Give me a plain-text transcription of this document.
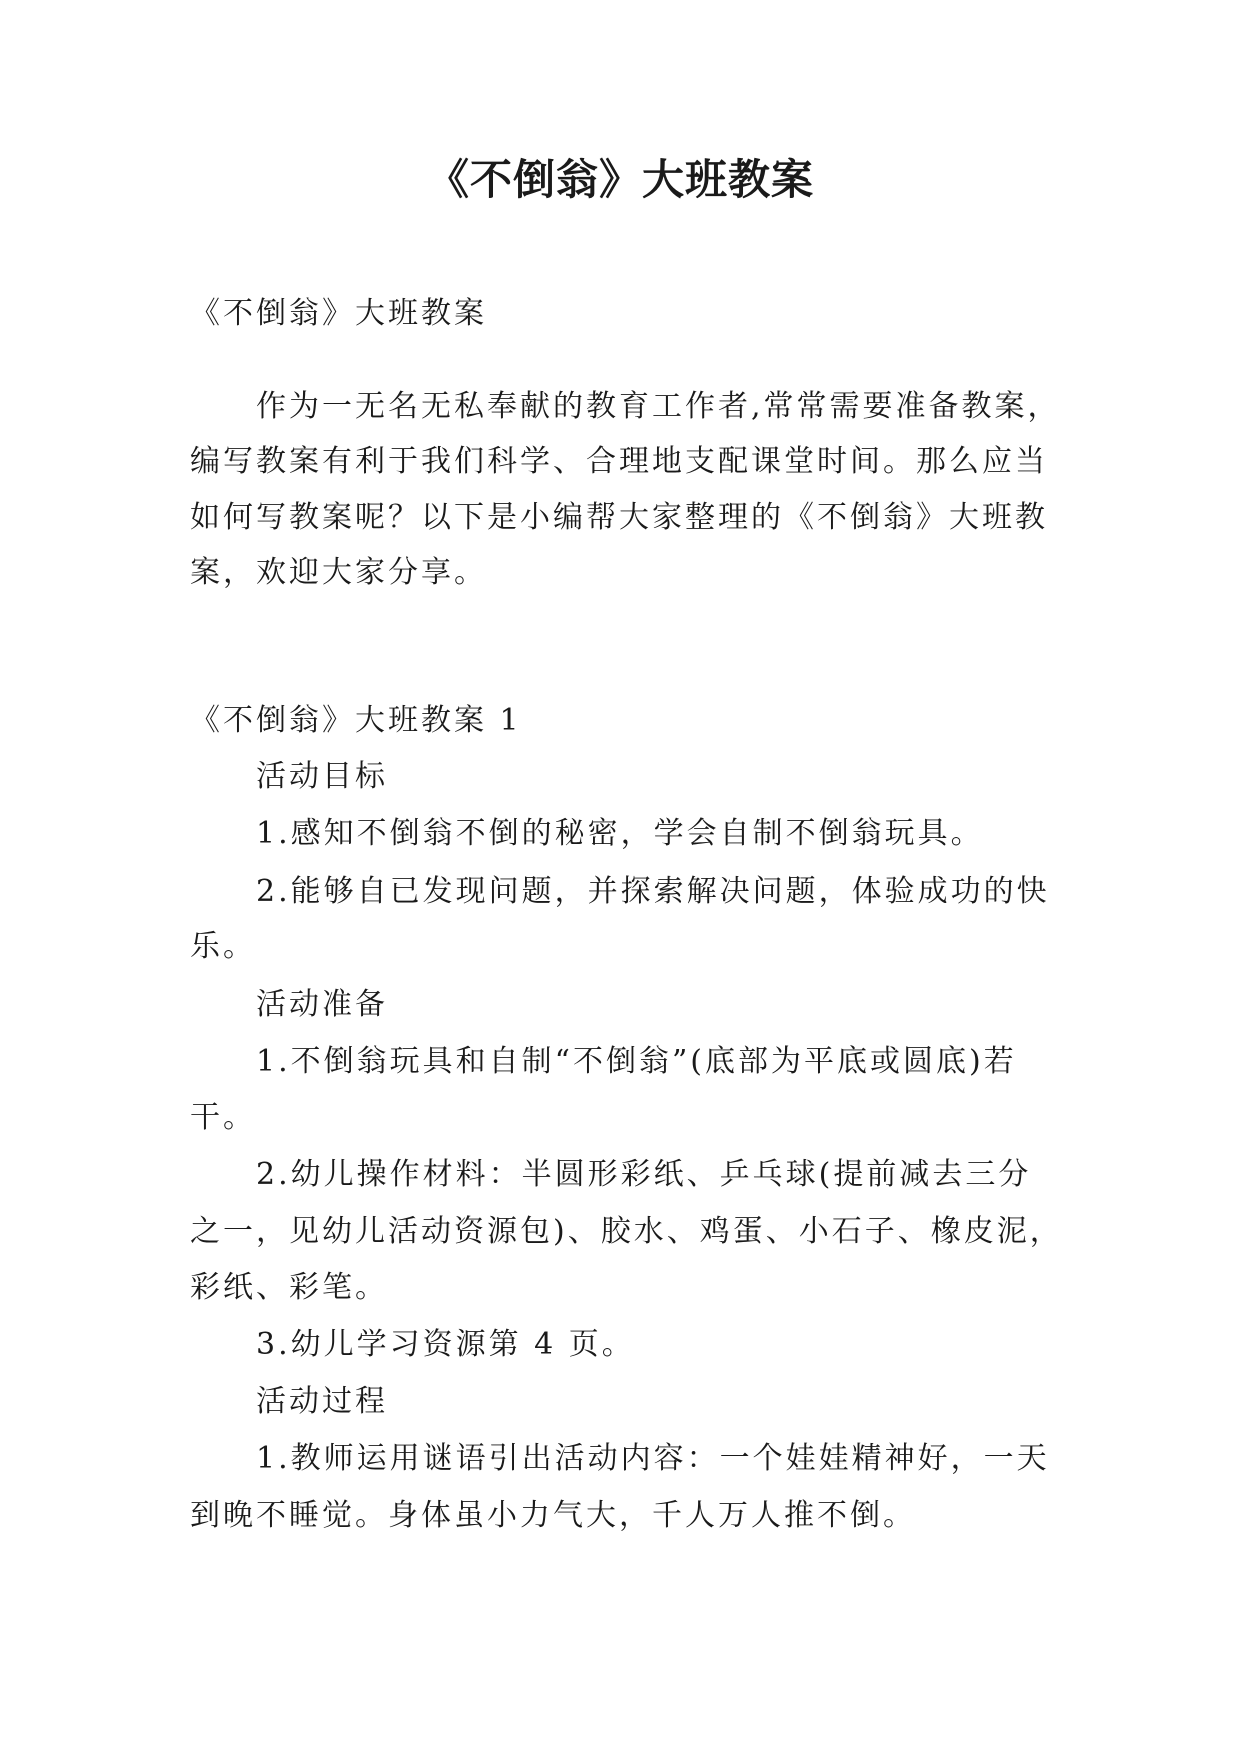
《不倒翁》大班教案
《不倒翁》大班教案
作为一无名无私奉献的教育工作者,常常需要准备教案，
编写教案有利于我们科学、合理地支配课堂时间。那么应当
如何写教案呢？以下是小编帮大家整理的《不倒翁》大班教
案，欢迎大家分享。
《不倒翁》大班教案 1
活动目标
1.感知不倒翁不倒的秘密，学会自制不倒翁玩具。
2.能够自已发现问题，并探索解决问题，体验成功的快
乐。
活动准备
1.不倒翁玩具和自制“不倒翁”(底部为平底或圆底)若
干。
2.幼儿操作材料：半圆形彩纸、乒乓球(提前减去三分
之一，见幼儿活动资源包)、胶水、鸡蛋、小石子、橡皮泥，
彩纸、彩笔。
3.幼儿学习资源第 4 页。
活动过程
1.教师运用谜语引出活动内容：一个娃娃精神好，一天
到晚不睡觉。身体虽小力气大，千人万人推不倒。
